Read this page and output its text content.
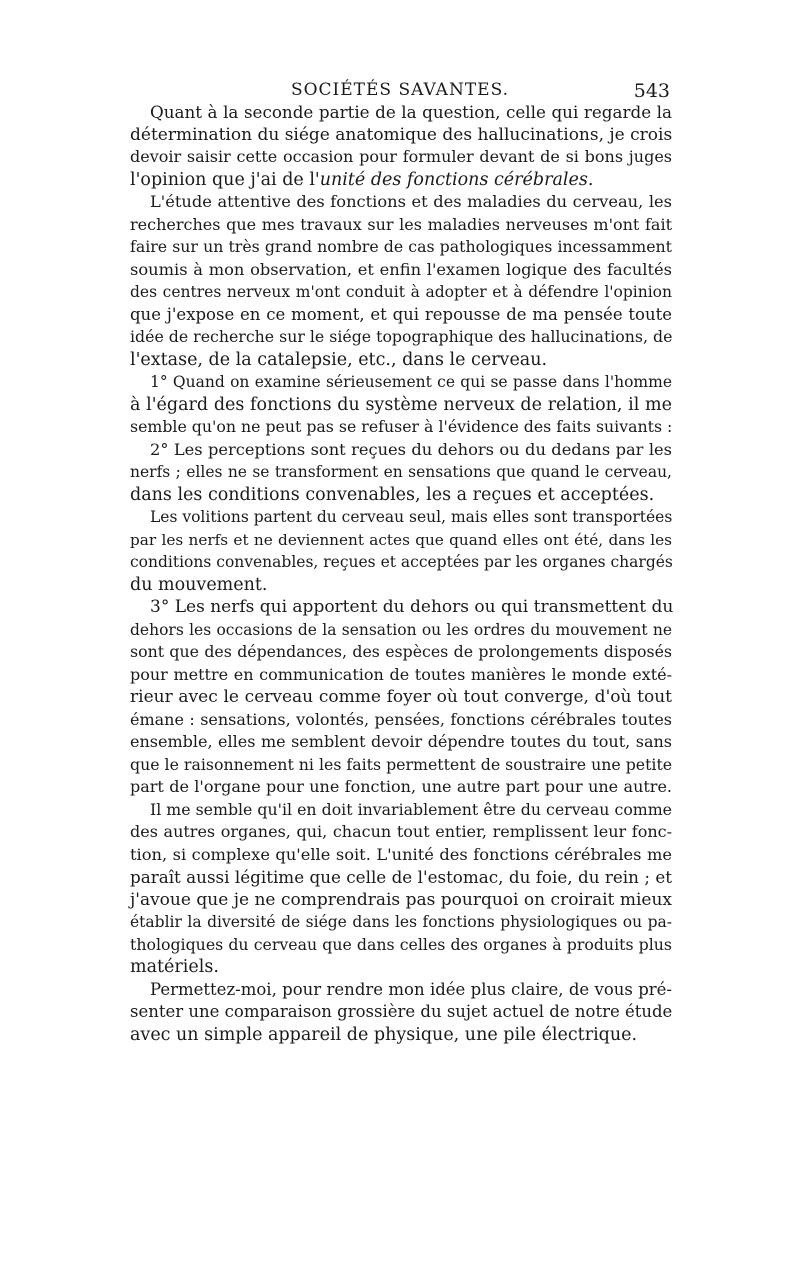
SOCIÉTÉS SAVANTES.	543
Quant à la seconde partie de la question, celle qui regarde la
détermination du siége anatomique des hallucinations, je crois
devoir saisir cette occasion pour formuler devant de si bons juges
l'opinion que j'ai de l'unité des fonctions cérébrales.
L'étude attentive des fonctions et des maladies du cerveau, les
recherches que mes travaux sur les maladies nerveuses m'ont fait
faire sur un très grand nombre de cas pathologiques incessamment
soumis à mon observation, et enfin l'examen logique des facultés
des centres nerveux m'ont conduit à adopter et à défendre l'opinion
que j'expose en ce moment, et qui repousse de ma pensée toute
idée de recherche sur le siége topographique des hallucinations, de
l'extase, de la catalepsie, etc., dans le cerveau.
1° Quand on examine sérieusement ce qui se passe dans l'homme
à l'égard des fonctions du système nerveux de relation, il me
semble qu'on ne peut pas se refuser à l'évidence des faits suivants :
2° Les perceptions sont reçues du dehors ou du dedans par les
nerfs ; elles ne se transforment en sensations que quand le cerveau,
dans les conditions convenables, les a reçues et acceptées.
Les volitions partent du cerveau seul, mais elles sont transportées
par les nerfs et ne deviennent actes que quand elles ont été, dans les
conditions convenables, reçues et acceptées par les organes chargés
du mouvement.
3° Les nerfs qui apportent du dehors ou qui transmettent du
dehors les occasions de la sensation ou les ordres du mouvement ne
sont que des dépendances, des espèces de prolongements disposés
pour mettre en communication de toutes manières le monde exté-
rieur avec le cerveau comme foyer où tout converge, d'où tout
émane : sensations, volontés, pensées, fonctions cérébrales toutes
ensemble, elles me semblent devoir dépendre toutes du tout, sans
que le raisonnement ni les faits permettent de soustraire une petite
part de l'organe pour une fonction, une autre part pour une autre.
Il me semble qu'il en doit invariablement être du cerveau comme
des autres organes, qui, chacun tout entier, remplissent leur fonc-
tion, si complexe qu'elle soit. L'unité des fonctions cérébrales me
paraît aussi légitime que celle de l'estomac, du foie, du rein ; et
j'avoue que je ne comprendrais pas pourquoi on croirait mieux
établir la diversité de siége dans les fonctions physiologiques ou pa-
thologiques du cerveau que dans celles des organes à produits plus
matériels.
Permettez-moi, pour rendre mon idée plus claire, de vous pré-
senter une comparaison grossière du sujet actuel de notre étude
avec un simple appareil de physique, une pile électrique.
